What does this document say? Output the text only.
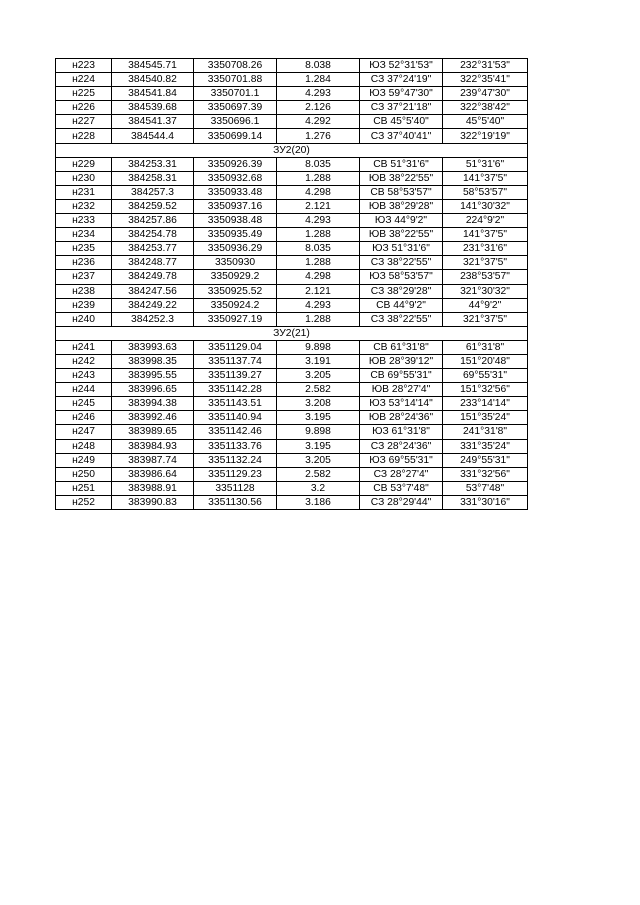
н223	384545.71	3350708.26	8.038	ЮЗ 52°31'53"	232°31'53"
н224	384540.82	3350701.88	1.284	СЗ 37°24'19"	322°35'41"
н225	384541.84	3350701.1	4.293	ЮЗ 59°47'30"	239°47'30"
н226	384539.68	3350697.39	2.126	СЗ 37°21'18"	322°38'42"
н227	384541.37	3350696.1	4.292	СВ 45°5'40"	45°5'40"
н228	384544.4	3350699.14	1.276	СЗ 37°40'41"	322°19'19"
ЗУ2(20)					
н229	384253.31	3350926.39	8.035	СВ 51°31'6"	51°31'6"
н230	384258.31	3350932.68	1.288	ЮВ 38°22'55"	141°37'5"
н231	384257.3	3350933.48	4.298	СВ 58°53'57"	58°53'57"
н232	384259.52	3350937.16	2.121	ЮВ 38°29'28"	141°30'32"
н233	384257.86	3350938.48	4.293	ЮЗ 44°9'2"	224°9'2"
н234	384254.78	3350935.49	1.288	ЮВ 38°22'55"	141°37'5"
н235	384253.77	3350936.29	8.035	ЮЗ 51°31'6"	231°31'6"
н236	384248.77	3350930	1.288	СЗ 38°22'55"	321°37'5"
н237	384249.78	3350929.2	4.298	ЮЗ 58°53'57"	238°53'57"
н238	384247.56	3350925.52	2.121	СЗ 38°29'28"	321°30'32"
н239	384249.22	3350924.2	4.293	СВ 44°9'2"	44°9'2"
н240	384252.3	3350927.19	1.288	СЗ 38°22'55"	321°37'5"
ЗУ2(21)					
н241	383993.63	3351129.04	9.898	СВ 61°31'8"	61°31'8"
н242	383998.35	3351137.74	3.191	ЮВ 28°39'12"	151°20'48"
н243	383995.55	3351139.27	3.205	СВ 69°55'31"	69°55'31"
н244	383996.65	3351142.28	2.582	ЮВ 28°27'4"	151°32'56"
н245	383994.38	3351143.51	3.208	ЮЗ 53°14'14"	233°14'14"
н246	383992.46	3351140.94	3.195	ЮВ 28°24'36"	151°35'24"
н247	383989.65	3351142.46	9.898	ЮЗ 61°31'8"	241°31'8"
н248	383984.93	3351133.76	3.195	СЗ 28°24'36"	331°35'24"
н249	383987.74	3351132.24	3.205	ЮЗ 69°55'31"	249°55'31"
н250	383986.64	3351129.23	2.582	СЗ 28°27'4"	331°32'56"
н251	383988.91	3351128	3.2	СВ 53°7'48"	53°7'48"
н252	383990.83	3351130.56	3.186	СЗ 28°29'44"	331°30'16"
